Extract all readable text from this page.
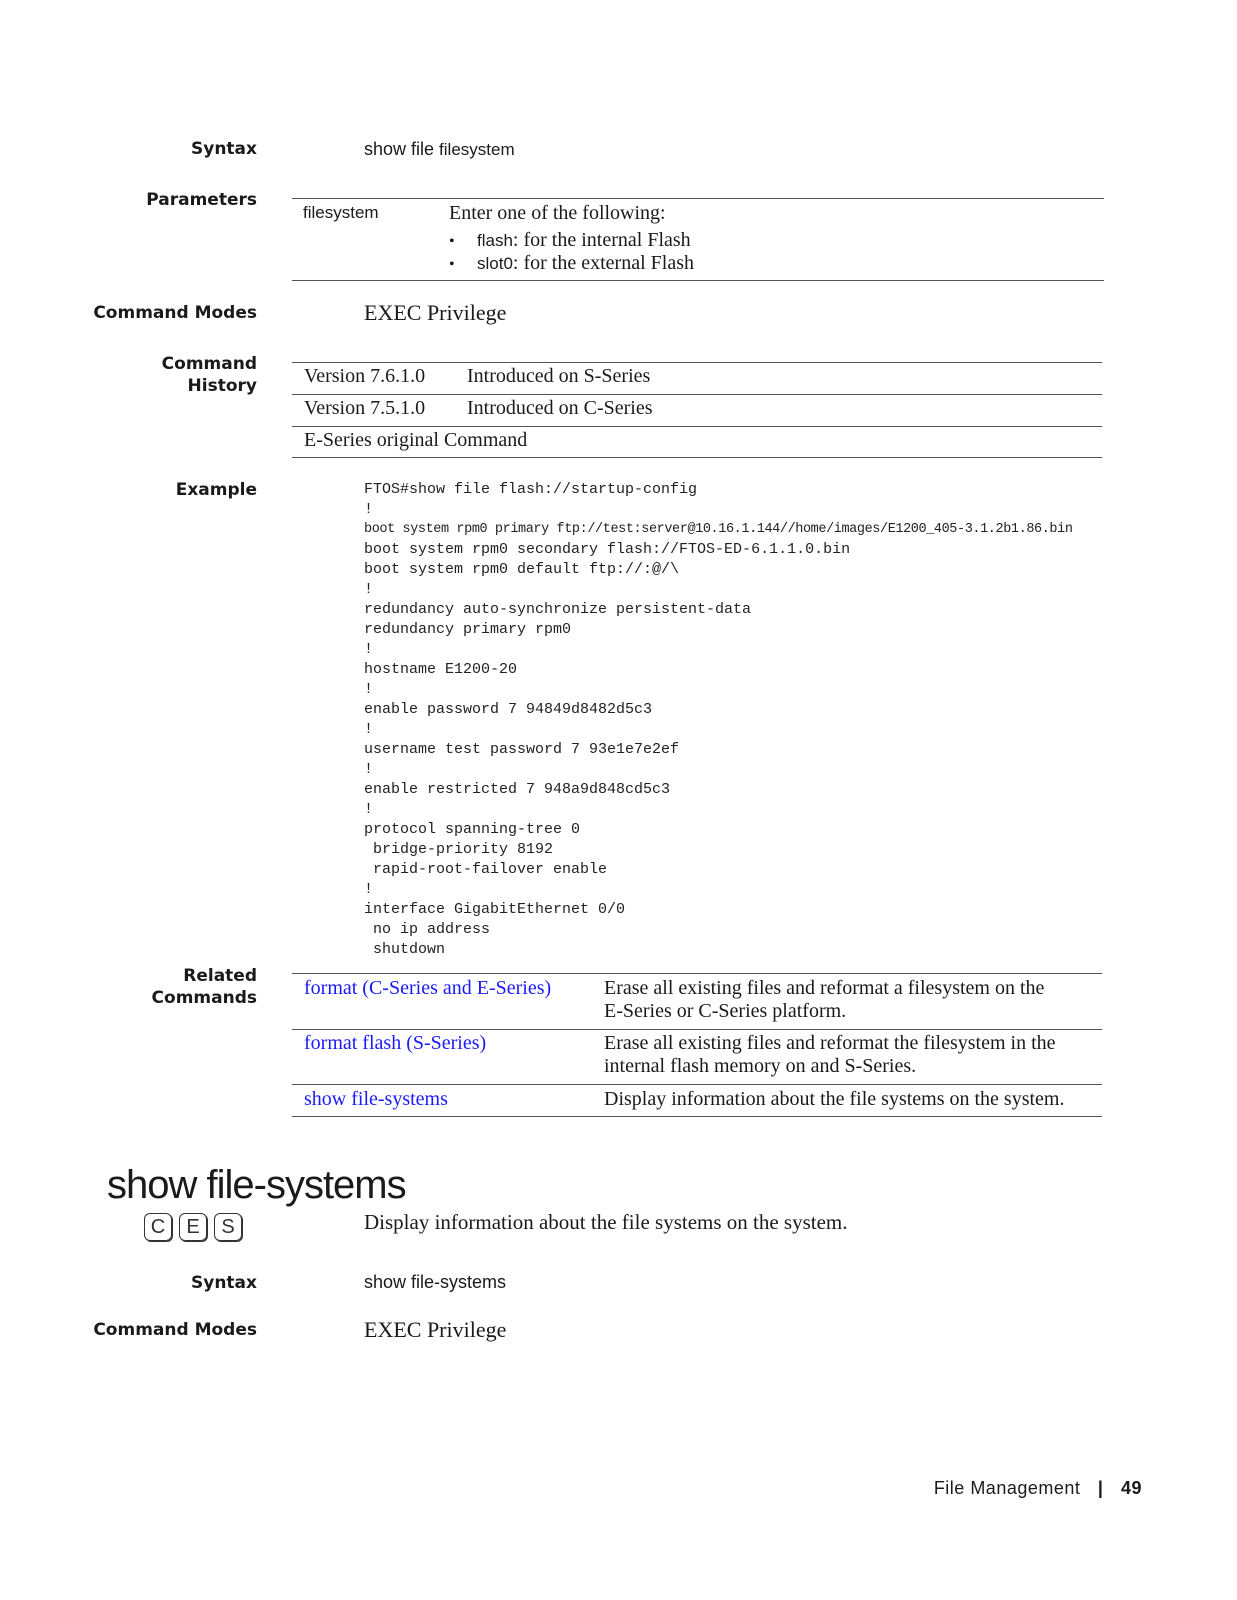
Syntax	show file filesystem
Parameters
filesystem	Enter one of the following:
• flash: for the internal Flash
• slot0: for the external Flash
Command Modes	EXEC Privilege
Command
History Version 7.6.1.0 Introduced on S-Series
Version 7.5.1.0 Introduced on C-Series
E-Series original Command
Example	FTOS#show file flash://startup-config
!
boot system rpm0 primary ftp://test:server@10.16.1.144//home/images/E1200_405-3.1.2b1.86.bin
boot system rpm0 secondary flash://FTOS-ED-6.1.1.0.bin
boot system rpm0 default ftp://:@/\
!
redundancy auto-synchronize persistent-data
redundancy primary rpm0
!
hostname E1200-20
!
enable password 7 94849d8482d5c3
!
username test password 7 93e1e7e2ef
!
enable restricted 7 948a9d848cd5c3
!
protocol spanning-tree 0
bridge-priority 8192
rapid-root-failover enable
!
interface GigabitEthernet 0/0
no ip address
shutdown
Related
Commands format (C-Series and E-Series)	Erase all existing files and reformat a filesystem on the
E-Series or C-Series platform.
format flash (S-Series)	Erase all existing files and reformat the filesystem in the
internal flash memory on and S-Series.
show file-systems	Display information about the file systems on the system.
show file-systems
C E S	Display information about the file systems on the system.
Syntax	show file-systems
Command Modes	EXEC Privilege
File Management | 49
